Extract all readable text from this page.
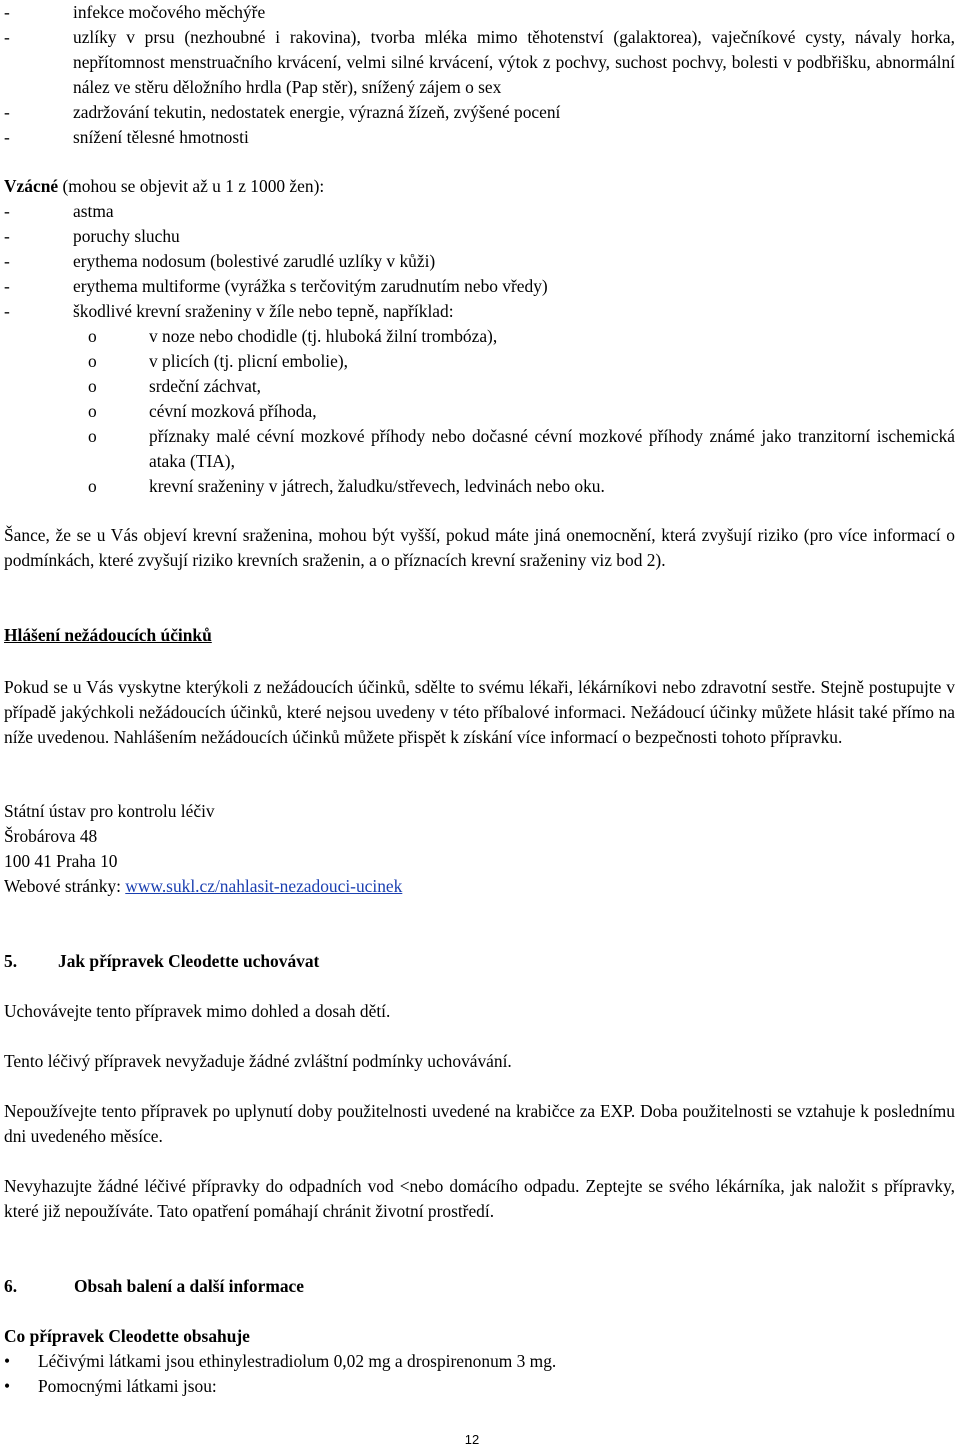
-	infekce močového měchýře
-	uzlíky v prsu (nezhoubné i rakovina), tvorba mléka mimo těhotenství (galaktorea), vaječníkové cysty, návaly horka, nepřítomnost menstruačního krvácení, velmi silné krvácení, výtok z pochvy, suchost pochvy, bolesti v podbřišku, abnormální nález ve stěru děložního hrdla (Pap stěr), snížený zájem o sex
-	zadržování tekutin, nedostatek energie, výrazná žízeň, zvýšené pocení
-	snížení tělesné hmotnosti

Vzácné (mohou se objevit až u 1 z 1000 žen):

-	astma
-	poruchy sluchu
-	erythema nodosum (bolestivé zarudlé uzlíky v kůži)
-	erythema multiforme (vyrážka s terčovitým zarudnutím nebo vředy)
-	škodlivé krevní sraženiny v žíle nebo tepně, například:
o	v noze nebo chodidle (tj. hluboká žilní trombóza),
o	v plicích (tj. plicní embolie),
o	srdeční záchvat,
o	cévní mozková příhoda,
o	příznaky malé cévní mozkové příhody nebo dočasné cévní mozkové příhody známé jako tranzitorní ischemická ataka (TIA),
o	krevní sraženiny v játrech, žaludku/střevech, ledvinách nebo oku.

Šance, že se u Vás objeví krevní sraženina, mohou být vyšší, pokud máte jiná onemocnění, která zvyšují riziko (pro více informací o podmínkách, které zvyšují riziko krevních sraženin, a o příznacích krevní sraženiny viz bod 2).

Hlášení nežádoucích účinků

Pokud se u Vás vyskytne kterýkoli z nežádoucích účinků, sdělte to svému lékaři, lékárníkovi nebo zdravotní sestře. Stejně postupujte v případě jakýchkoli nežádoucích účinků, které nejsou uvedeny v této příbalové informaci. Nežádoucí účinky můžete hlásit také přímo na níže uvedenou. Nahlášením nežádoucích účinků můžete přispět k získání více informací o bezpečnosti tohoto přípravku.

Státní ústav pro kontrolu léčiv

Šrobárova 48

100 41 Praha 10

Webové stránky: www.sukl.cz/nahlasit-nezadouci-ucinek

5. Jak přípravek Cleodette uchovávat

Uchovávejte tento přípravek mimo dohled a dosah dětí.

Tento léčivý přípravek nevyžaduje žádné zvláštní podmínky uchovávání.

Nepoužívejte tento přípravek po uplynutí doby použitelnosti uvedené na krabičce za EXP. Doba použitelnosti se vztahuje k poslednímu dni uvedeného měsíce.

Nevyhazujte žádné léčivé přípravky do odpadních vod <nebo domácího odpadu. Zeptejte se svého lékárníka, jak naložit s přípravky, které již nepoužíváte. Tato opatření pomáhají chránit životní prostředí.

6.	Obsah balení a další informace

Co přípravek Cleodette obsahuje

•	Léčivými látkami jsou ethinylestradiolum 0,02 mg a drospirenonum 3 mg.
•	Pomocnými látkami jsou:
12
